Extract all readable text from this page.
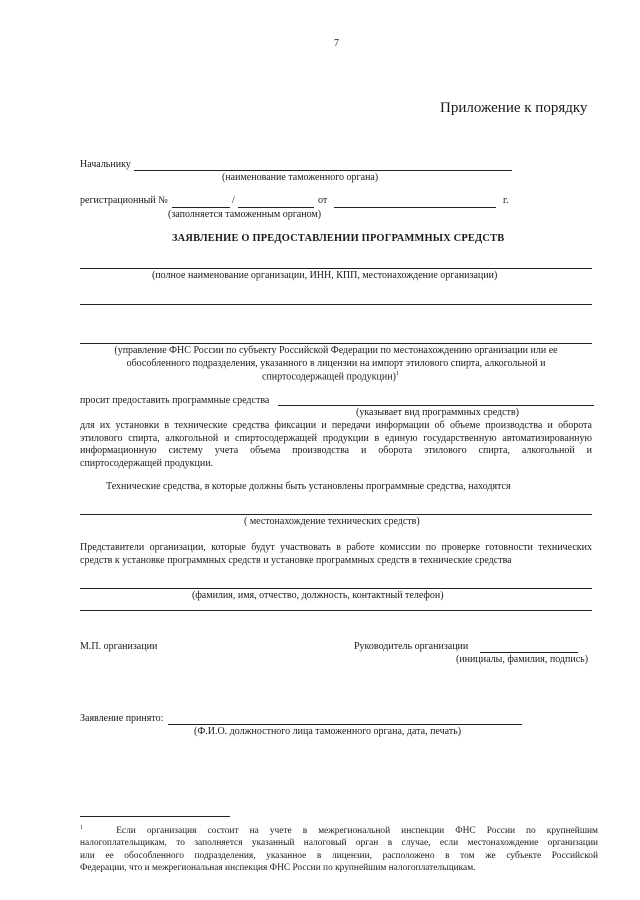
7
Приложение к порядку
Начальнику
(наименование таможенного органа)
регистрационный №	/	от	г.
(заполняется таможенным органом)
ЗАЯВЛЕНИЕ О ПРЕДОСТАВЛЕНИИ ПРОГРАММНЫХ СРЕДСТВ
(полное наименование организации, ИНН, КПП, местонахождение организации)
(управление ФНС России по субъекту Российской Федерации по местонахождению организации или ее
обособленного подразделения, указанного в лицензии на импорт этилового спирта, алкогольной и
спиртосодержащей продукции)$^1$
просит предоставить программные средства
(указывает вид программных средств)
для их установки в технические средства фиксации и передачи информации об объеме производства и оборота
этилового спирта, алкогольной и спиртосодержащей продукции в единую государственную автоматизированную
информационную систему учета объема производства и оборота этилового спирта, алкогольной и
спиртосодержащей продукции.
Технические средства, в которые должны быть установлены программные средства, находятся
( местонахождение технических средств)
Представители организации, которые будут участвовать в работе комиссии по проверке готовности технических
средств к установке программных средств и установке программных средств в технические средства
(фамилия, имя, отчество, должность, контактный телефон)
М.П. организации	Руководитель организации
(инициалы, фамилия, подпись)
Заявление принято:
(Ф.И.О. должностного лица таможенного органа, дата, печать)
$^1$	Если организация состоит на учете в межрегиональной инспекции ФНС России по крупнейшим
налогоплательщикам, то заполняется указанный налоговый орган в случае, если местонахождение организации
или ее обособленного подразделения, указанное в лицензии, расположено в том же субъекте Российской
Федерации, что и межрегиональная инспекция ФНС России по крупнейшим налогоплательщикам.
